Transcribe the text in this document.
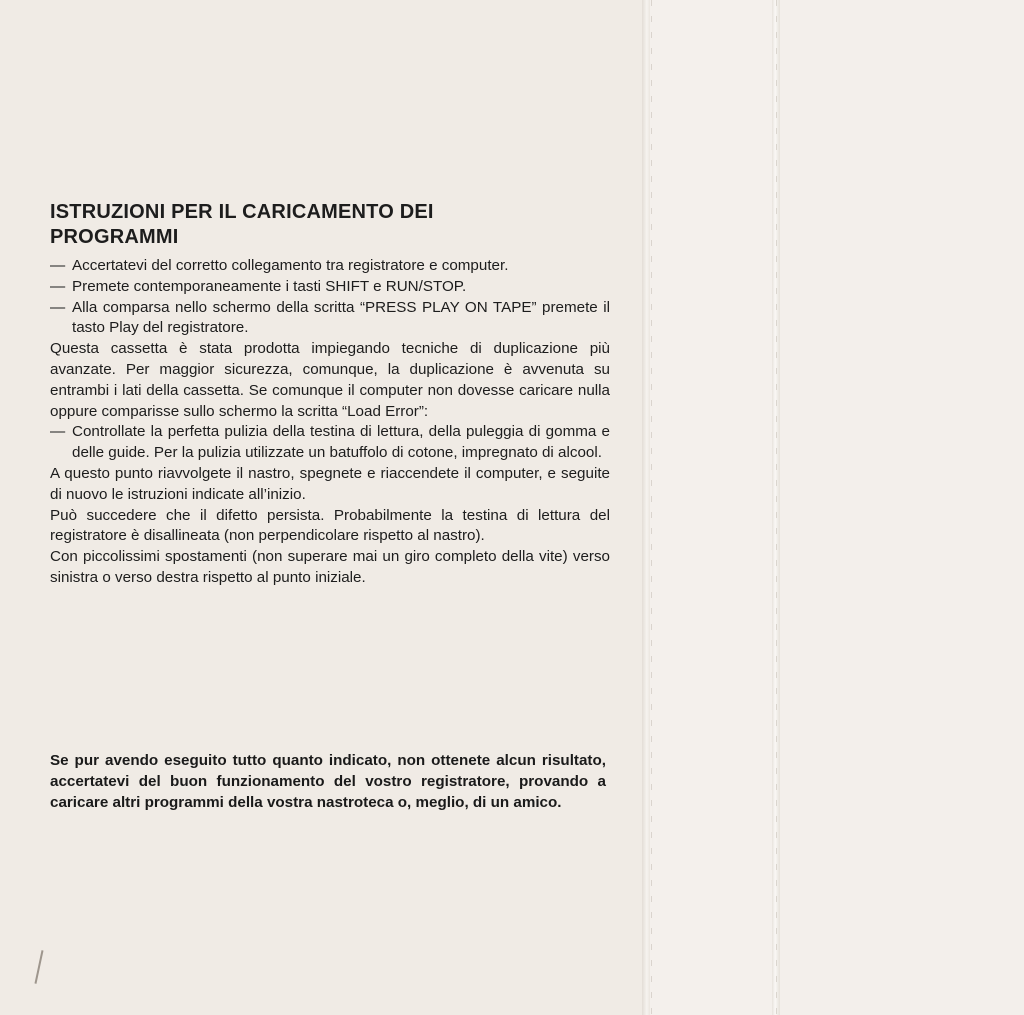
ISTRUZIONI PER IL CARICAMENTO DEI
PROGRAMMI
— Accertatevi del corretto collegamento tra registratore e computer.
— Premete contemporaneamente i tasti SHIFT e RUN/STOP.
— Alla comparsa nello schermo della scritta “PRESS PLAY ON TAPE” premete il tasto Play del registratore.

Questa cassetta è stata prodotta impiegando tecniche di duplicazione più avanzate. Per maggior sicurezza, comunque, la duplicazione è avvenuta su entrambi i lati della cassetta. Se comunque il computer non dovesse caricare nulla oppure comparisse sullo schermo la scritta “Load Error”:

— Controllate la perfetta pulizia della testina di lettura, della puleggia di gomma e delle guide. Per la pulizia utilizzate un batuffolo di cotone, impregnato di alcool.

A questo punto riavvolgete il nastro, spegnete e riaccendete il computer, e seguite di nuovo le istruzioni indicate all’inizio.

Può succedere che il difetto persista. Probabilmente la testina di lettura del registratore è disallineata (non perpendicolare rispetto al nastro).

Con piccolissimi spostamenti (non superare mai un giro completo della vite) verso sinistra o verso destra rispetto al punto iniziale.

Se pur avendo eseguito tutto quanto indicato, non ottenete alcun risultato, accertatevi del buon funzionamento del vostro registratore, provando a caricare altri programmi della vostra nastroteca o, meglio, di un amico.
